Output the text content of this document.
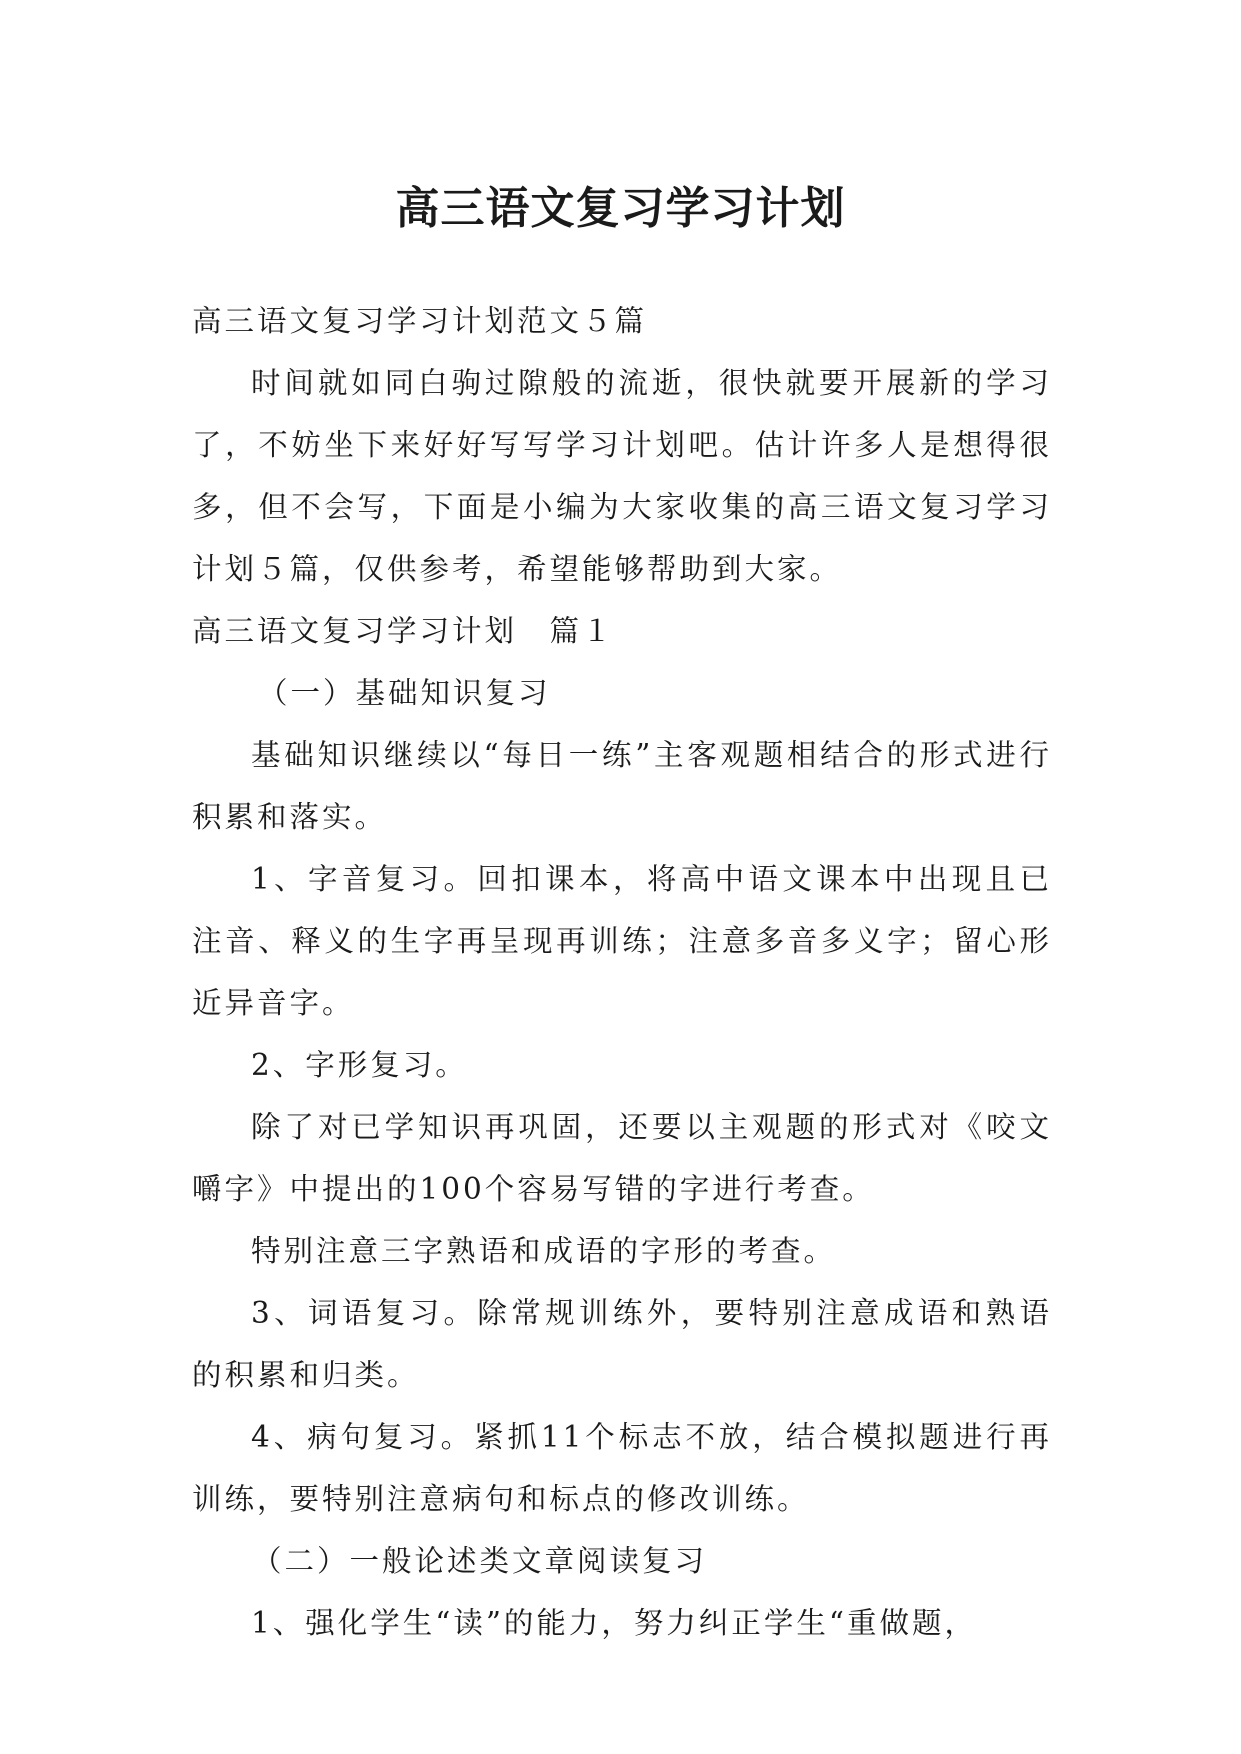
高三语文复习学习计划

高三语文复习学习计划范文５篇

时间就如同白驹过隙般的流逝，很快就要开展新的学习了，不妨坐下来好好写写学习计划吧。估计许多人是想得很多，但不会写，下面是小编为大家收集的高三语文复习学习计划５篇，仅供参考，希望能够帮助到大家。

高三语文复习学习计划　篇１

（一）基础知识复习

基础知识继续以“每日一练”主客观题相结合的形式进行积累和落实。

1、字音复习。回扣课本，将高中语文课本中出现且已注音、释义的生字再呈现再训练；注意多音多义字；留心形近异音字。

2、字形复习。

除了对已学知识再巩固，还要以主观题的形式对《咬文嚼字》中提出的100个容易写错的字进行考查。

特别注意三字熟语和成语的字形的考查。

3、词语复习。除常规训练外，要特别注意成语和熟语的积累和归类。

4、病句复习。紧抓11个标志不放，结合模拟题进行再训练，要特别注意病句和标点的修改训练。

（二）一般论述类文章阅读复习

1、强化学生“读”的能力，努力纠正学生“重做题，
